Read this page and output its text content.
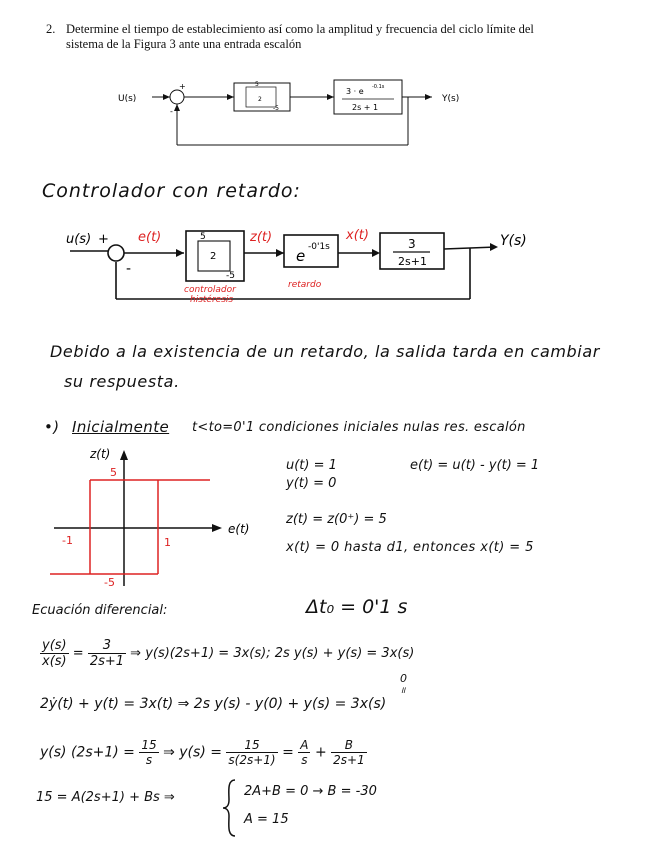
2. Determine el tiempo de establecimiento así como la amplitud y frecuencia del ciclo límite del
sistema de la Figura 3 ante una entrada escalón
U(s)	Y(s)
+
-
5
2
-5
3 · e -0.1s
2s + 1
Controlador con retardo:
u(s) +
-
e(t)	z(t)	x(t)	Y(s)
5
2
-5
controlador
histéresis
e -0'1s
retardo
3
2s+1
Debido a la existencia de un retardo, la salida tarda en cambiar
su respuesta.
•) Inicialmente t<to=0'1 condiciones iniciales nulas res. escalón
z(t)
e(t)
5
-5
-1	1
u(t) = 1
y(t) = 0
e(t) = u(t) - y(t) = 1
z(t) = z(0⁺) = 5
x(t) = 0 hasta d1, entonces x(t) = 5
Ecuación diferencial:	Δt₀ = 0'1 s
$\frac{y(s)}{x(s)} = \frac{3}{2s+1}$ ⇒ y(s)(2s+1) = 3x(s); 2s y(s) + y(s) = 3x(s)
0
॥
2ẏ(t) + y(t) = 3x(t) ⇒ 2s y(s) - y(0) + y(s) = 3x(s)
y(s) $(2s+1) = \frac{15}{s}$ ⇒ $y(s) = \frac{15}{s(2s+1)} = \frac{A}{s} + \frac{B}{2s+1}$
15 = A(2s+1) + Bs ⇒	2A+B = 0 → B = -30
A = 15
